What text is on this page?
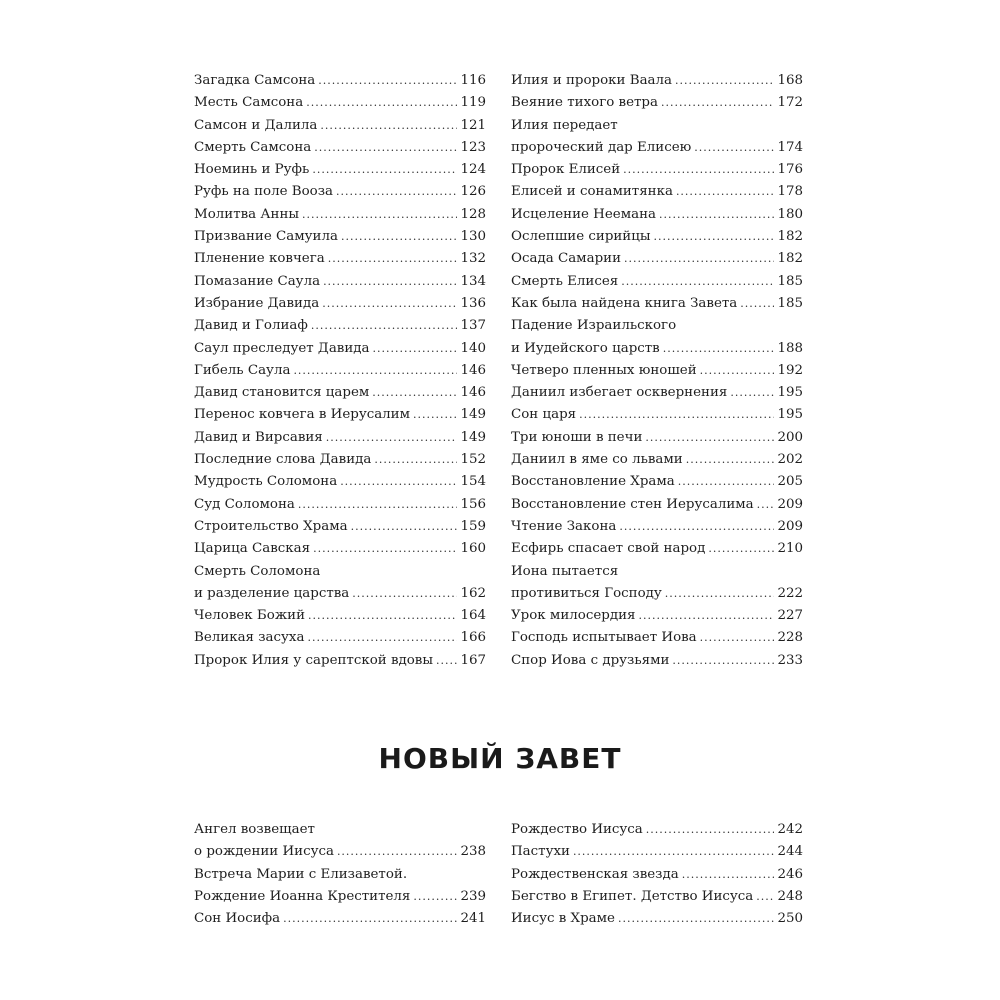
Загадка Самсона .....	116
Месть Самсона .....	119
Самсон и Далила .....	121
Смерть Самсона .....	123
Ноеминь и Руфь .....	124
Руфь на поле Вооза .....	126
Молитва Анны .....	128
Призвание Самуила .....	130
Пленение ковчега .....	132
Помазание Саула .....	134
Избрание Давида .....	136
Давид и Голиаф .....	137
Саул преследует Давида .....	140
Гибель Саула .....	146
Давид становится царем .....	146
Перенос ковчега в Иерусалим .....	149
Давид и Вирсавия .....	149
Последние слова Давида .....	152
Мудрость Соломона .....	154
Суд Соломона .....	156
Строительство Храма .....	159
Царица Савская .....	160
Смерть Соломона
и разделение царства .....	162
Человек Божий .....	164
Великая засуха .....	166
Пророк Илия у сарептской вдовы ..... 167
Илия и пророки Ваала .....	168
Веяние тихого ветра .....	172
Илия передает
пророческий дар Елисею .....	174
Пророк Елисей .....	176
Елисей и сонамитянка .....	178
Исцеление Неемана .....	180
Ослепшие сирийцы .....	182
Осада Самарии .....	182
Смерть Елисея .....	185
Как была найдена книга Завета .....	185
Падение Израильского
и Иудейского царств .....	188
Четверо пленных юношей .....	192
Даниил избегает осквернения .....	195
Сон царя .....	195
Три юноши в печи .....	200
Даниил в яме со львами .....	202
Восстановление Храма .....	205
Восстановление стен Иерусалима ..... 209
Чтение Закона .....	209
Есфирь спасает свой народ .....	210
Иона пытается
противиться Господу .....	222
Урок милосердия .....	227
Господь испытывает Иова .....	228
Спор Иова с друзьями .....	233
НОВЫЙ ЗАВЕТ
Ангел возвещает
о рождении Иисуса .....	238
Встреча Марии с Елизаветой.
Рождение Иоанна Крестителя .....	239
Сон Иосифа .....	241
Рождество Иисуса .....	242
Пастухи .....	244
Рождественская звезда .....	246
Бегство в Египет. Детство Иисуса ..... 248
Иисус в Храме .....	250
